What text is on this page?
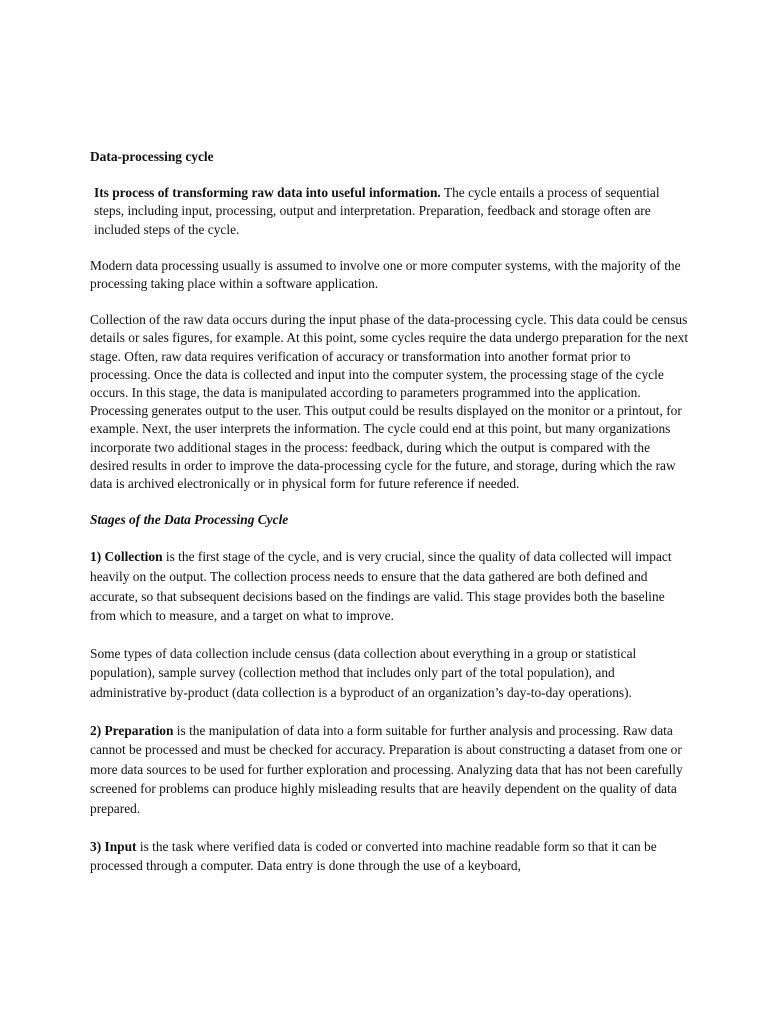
Data-processing cycle

Its process of transforming raw data into useful information. The cycle entails a process of sequential steps, including input, processing, output and interpretation. Preparation, feedback and storage often are included steps of the cycle.

Modern data processing usually is assumed to involve one or more computer systems, with the majority of the processing taking place within a software application.

Collection of the raw data occurs during the input phase of the data-processing cycle. This data could be census details or sales figures, for example. At this point, some cycles require the data undergo preparation for the next stage. Often, raw data requires verification of accuracy or transformation into another format prior to processing. Once the data is collected and input into the computer system, the processing stage of the cycle occurs. In this stage, the data is manipulated according to parameters programmed into the application. Processing generates output to the user. This output could be results displayed on the monitor or a printout, for example. Next, the user interprets the information. The cycle could end at this point, but many organizations incorporate two additional stages in the process: feedback, during which the output is compared with the desired results in order to improve the data-processing cycle for the future, and storage, during which the raw data is archived electronically or in physical form for future reference if needed.

Stages of the Data Processing Cycle

1) Collection is the first stage of the cycle, and is very crucial, since the quality of data collected will impact heavily on the output. The collection process needs to ensure that the data gathered are both defined and accurate, so that subsequent decisions based on the findings are valid. This stage provides both the baseline from which to measure, and a target on what to improve.

Some types of data collection include census (data collection about everything in a group or statistical population), sample survey (collection method that includes only part of the total population), and administrative by-product (data collection is a byproduct of an organization’s day-to-day operations).

2) Preparation is the manipulation of data into a form suitable for further analysis and processing. Raw data cannot be processed and must be checked for accuracy. Preparation is about constructing a dataset from one or more data sources to be used for further exploration and processing. Analyzing data that has not been carefully screened for problems can produce highly misleading results that are heavily dependent on the quality of data prepared.

3) Input is the task where verified data is coded or converted into machine readable form so that it can be processed through a computer. Data entry is done through the use of a keyboard,
